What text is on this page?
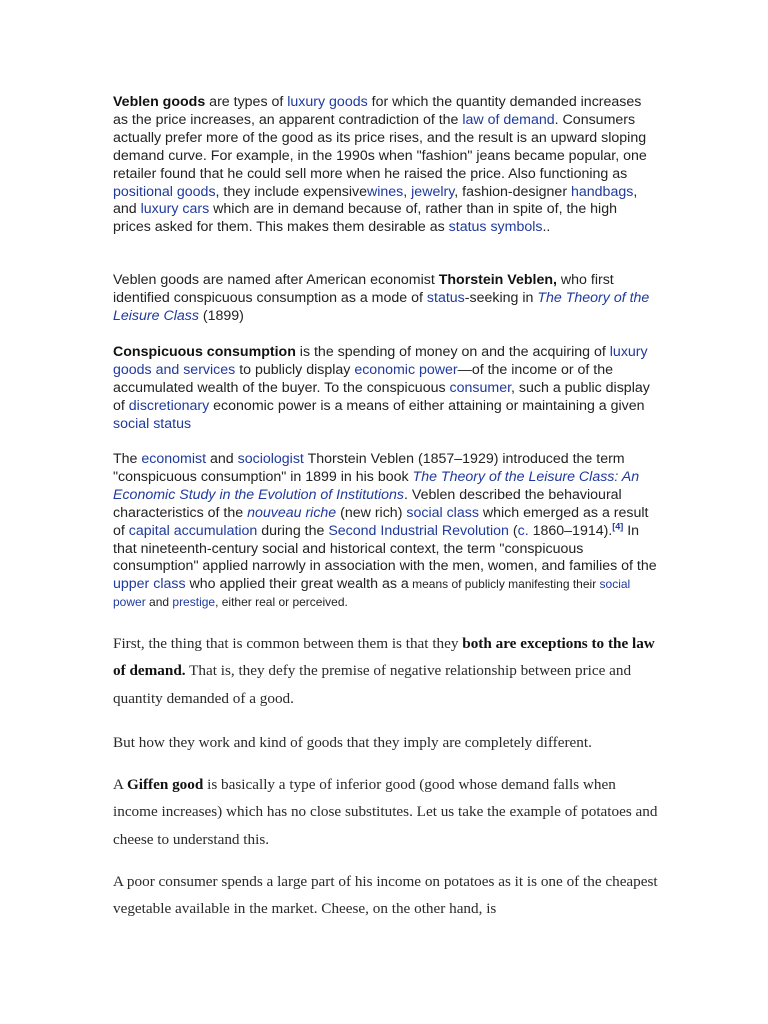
Veblen goods are types of luxury goods for which the quantity demanded increases as the price increases, an apparent contradiction of the law of demand. Consumers actually prefer more of the good as its price rises, and the result is an upward sloping demand curve. For example, in the 1990s when "fashion" jeans became popular, one retailer found that he could sell more when he raised the price. Also functioning as positional goods, they include expensivewines, jewelry, fashion-designer handbags, and luxury cars which are in demand because of, rather than in spite of, the high prices asked for them. This makes them desirable as status symbols..

Veblen goods are named after American economist Thorstein Veblen, who first identified conspicuous consumption as a mode of status-seeking in The Theory of the Leisure Class (1899)

Conspicuous consumption is the spending of money on and the acquiring of luxury goods and services to publicly display economic power—of the income or of the accumulated wealth of the buyer. To the conspicuous consumer, such a public display of discretionary economic power is a means of either attaining or maintaining a given social status

The economist and sociologist Thorstein Veblen (1857–1929) introduced the term "conspicuous consumption" in 1899 in his book The Theory of the Leisure Class: An Economic Study in the Evolution of Institutions. Veblen described the behavioural characteristics of the nouveau riche (new rich) social class which emerged as a result of capital accumulation during the Second Industrial Revolution (c. 1860–1914).[4] In that nineteenth-century social and historical context, the term "conspicuous consumption" applied narrowly in association with the men, women, and families of the upper class who applied their great wealth as a means of publicly manifesting their social power and prestige, either real or perceived.

First, the thing that is common between them is that they both are exceptions to the law of demand. That is, they defy the premise of negative relationship between price and quantity demanded of a good.

But how they work and kind of goods that they imply are completely different.

A Giffen good is basically a type of inferior good (good whose demand falls when income increases) which has no close substitutes. Let us take the example of potatoes and cheese to understand this.

A poor consumer spends a large part of his income on potatoes as it is one of the cheapest vegetable available in the market. Cheese, on the other hand, is
